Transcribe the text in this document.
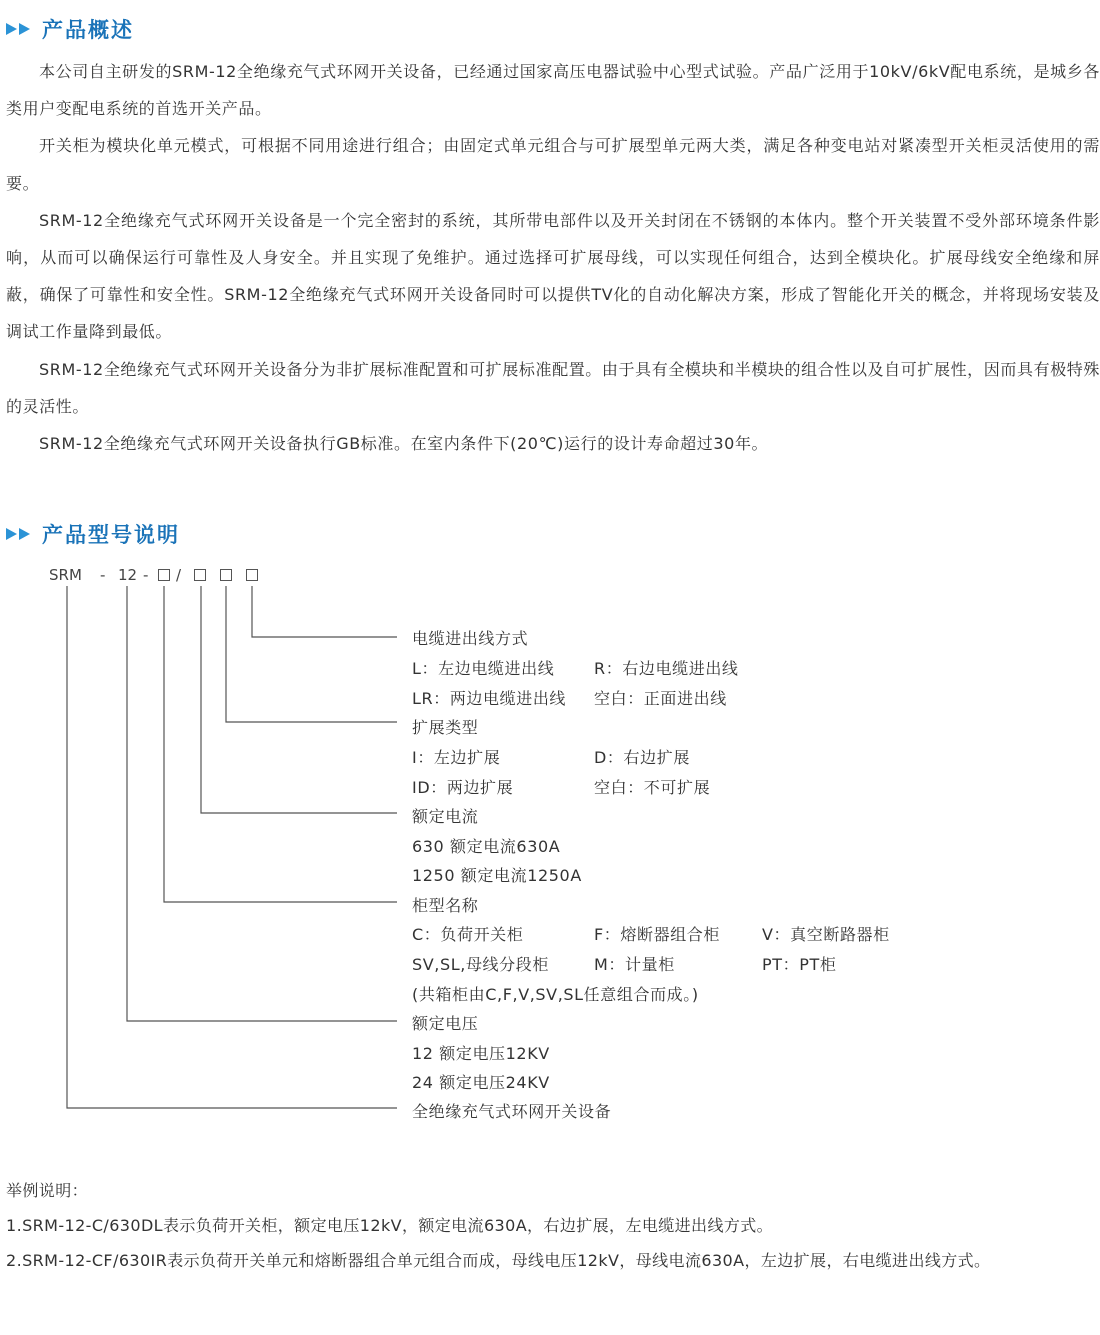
产品概述

本公司自主研发的SRM-12全绝缘充气式环网开关设备，已经通过国家高压电器试验中心型式试验。产品广泛用于10kV/6kV配电系统，是城乡各类用户变配电系统的首选开关产品。

开关柜为模块化单元模式，可根据不同用途进行组合；由固定式单元组合与可扩展型单元两大类，满足各种变电站对紧凑型开关柜灵活使用的需要。

SRM-12全绝缘充气式环网开关设备是一个完全密封的系统，其所带电部件以及开关封闭在不锈钢的本体内。整个开关装置不受外部环境条件影响，从而可以确保运行可靠性及人身安全。并且实现了免维护。通过选择可扩展母线，可以实现任何组合，达到全模块化。扩展母线安全绝缘和屏蔽，确保了可靠性和安全性。SRM-12全绝缘充气式环网开关设备同时可以提供TV化的自动化解决方案，形成了智能化开关的概念，并将现场安装及调试工作量降到最低。

SRM-12全绝缘充气式环网开关设备分为非扩展标准配置和可扩展标准配置。由于具有全模块和半模块的组合性以及自可扩展性，因而具有极特殊的灵活性。

SRM-12全绝缘充气式环网开关设备执行GB标准。在室内条件下(20℃)运行的设计寿命超过30年。

产品型号说明
SRM - 12 - /
电缆进出线方式
L：左边电缆进出线 R：右边电缆进出线
LR：两边电缆进出线 空白：正面进出线
扩展类型
I：左边扩展	D：右边扩展
ID：两边扩展	空白：不可扩展
额定电流
630 额定电流630A
1250 额定电流1250A
柜型名称
C：负荷开关柜	F：熔断器组合柜	V：真空断路器柜
SV,SL,母线分段柜	M：计量柜	PT：PT柜
(共箱柜由C,F,V,SV,SL任意组合而成。)
额定电压
12 额定电压12KV
24 额定电压24KV
全绝缘充气式环网开关设备
举例说明：
1.SRM-12-C/630DL表示负荷开关柜，额定电压12kV，额定电流630A，右边扩展，左电缆进出线方式。
2.SRM-12-CF/630IR表示负荷开关单元和熔断器组合单元组合而成，母线电压12kV，母线电流630A，左边扩展，右电缆进出线方式。
